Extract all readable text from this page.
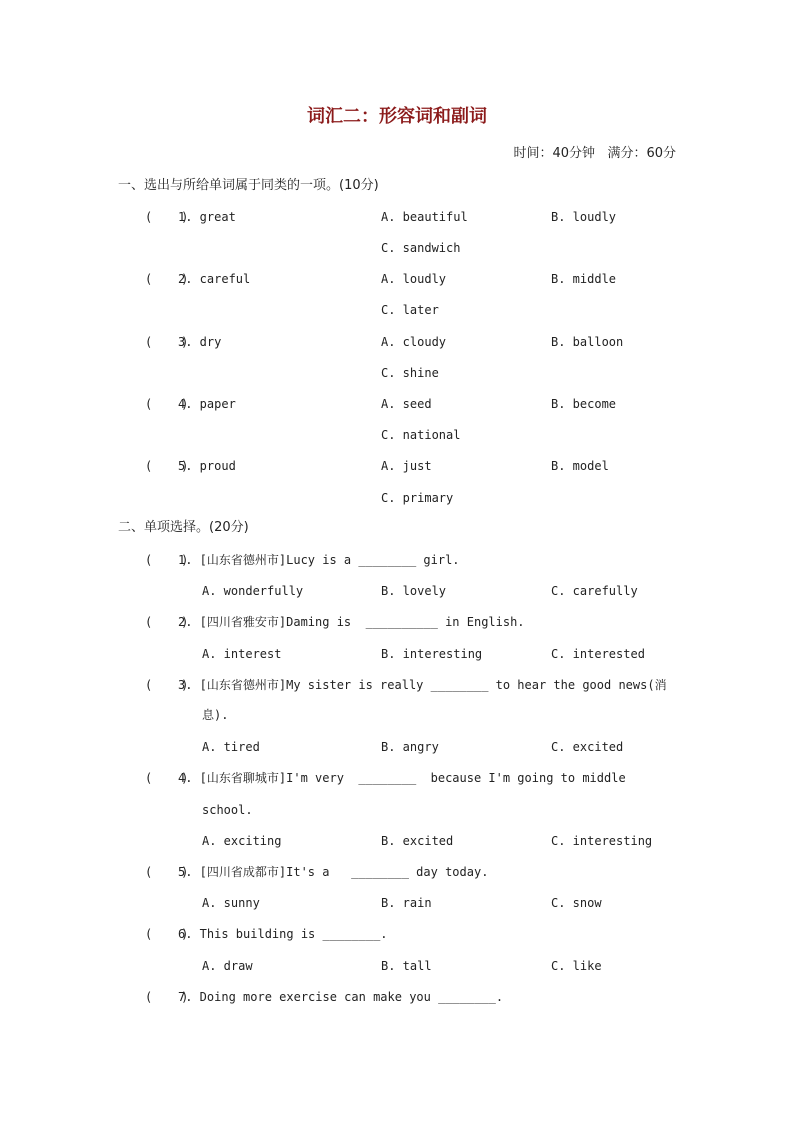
词汇二：形容词和副词
时间：40分钟   满分：60分
一、选出与所给单词属于同类的一项。(10分)
(    )
1. great	A. beautiful	B. loudly
C. sandwich
(    )
2. careful	A. loudly	B. middle
C. later
(    )
3. dry	A. cloudy	B. balloon
C. shine
(    )
4. paper	A. seed	B. become
C. national
(    )
5. proud	A. just	B. model
C. primary
二、单项选择。(20分)
(    )
1. [山东省德州市]Lucy is a ________ girl.
A. wonderfully	B. lovely	C. carefully
(    )
2. [四川省雅安市]Daming is  __________ in English.
A. interest	B. interesting	C. interested
(    )
3. [山东省德州市]My sister is really ________ to hear the good news(消
息).
A. tired	B. angry	C. excited
(    )
4. [山东省聊城市]I'm very  ________  because I'm going to middle
school.
A. exciting	B. excited	C. interesting
(    )
5. [四川省成都市]It's a   ________ day today.
A. sunny	B. rain	C. snow
(    )
6. This building is ________.
A. draw	B. tall	C. like
(    )
7. Doing more exercise can make you ________.
